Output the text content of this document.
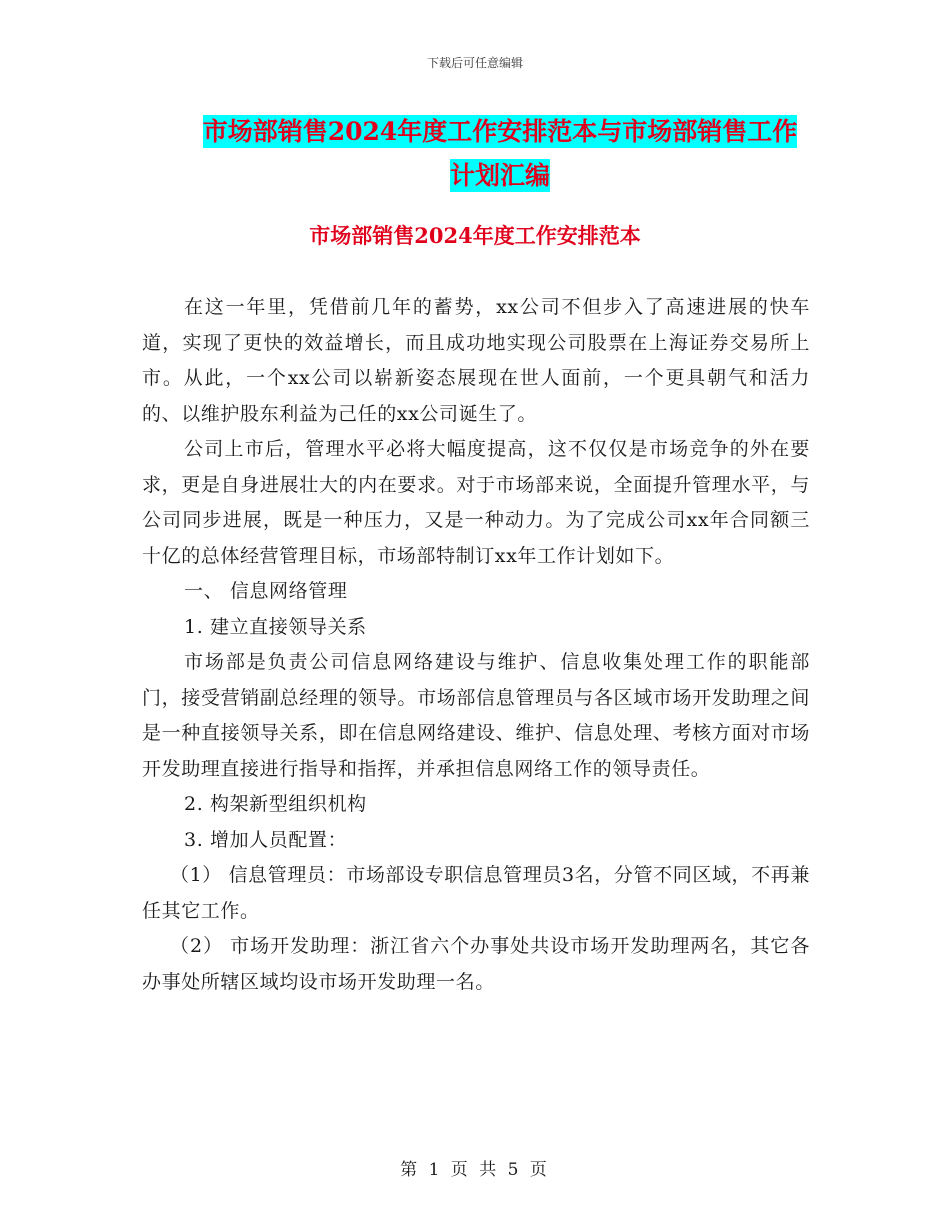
下载后可任意编辑
市场部销售2024年度工作安排范本与市场部销售工作
计划汇编
市场部销售2024年度工作安排范本

在这一年里，凭借前几年的蓄势，xx公司不但步入了高速进展的快车道，实现了更快的效益增长，而且成功地实现公司股票在上海证券交易所上市。从此，一个xx公司以崭新姿态展现在世人面前，一个更具朝气和活力的、以维护股东利益为己任的xx公司诞生了。

公司上市后，管理水平必将大幅度提高，这不仅仅是市场竞争的外在要求，更是自身进展壮大的内在要求。对于市场部来说，全面提升管理水平，与公司同步进展，既是一种压力，又是一种动力。为了完成公司xx年合同额三十亿的总体经营管理目标，市场部特制订xx年工作计划如下。

一、 信息网络管理

1. 建立直接领导关系

市场部是负责公司信息网络建设与维护、信息收集处理工作的职能部门，接受营销副总经理的领导。市场部信息管理员与各区域市场开发助理之间是一种直接领导关系，即在信息网络建设、维护、信息处理、考核方面对市场开发助理直接进行指导和指挥，并承担信息网络工作的领导责任。

2. 构架新型组织机构

3. 增加人员配置：

（1） 信息管理员：市场部设专职信息管理员3名，分管不同区域，不再兼任其它工作。

（2） 市场开发助理：浙江省六个办事处共设市场开发助理两名，其它各办事处所辖区域均设市场开发助理一名。

第 1 页 共 5 页
